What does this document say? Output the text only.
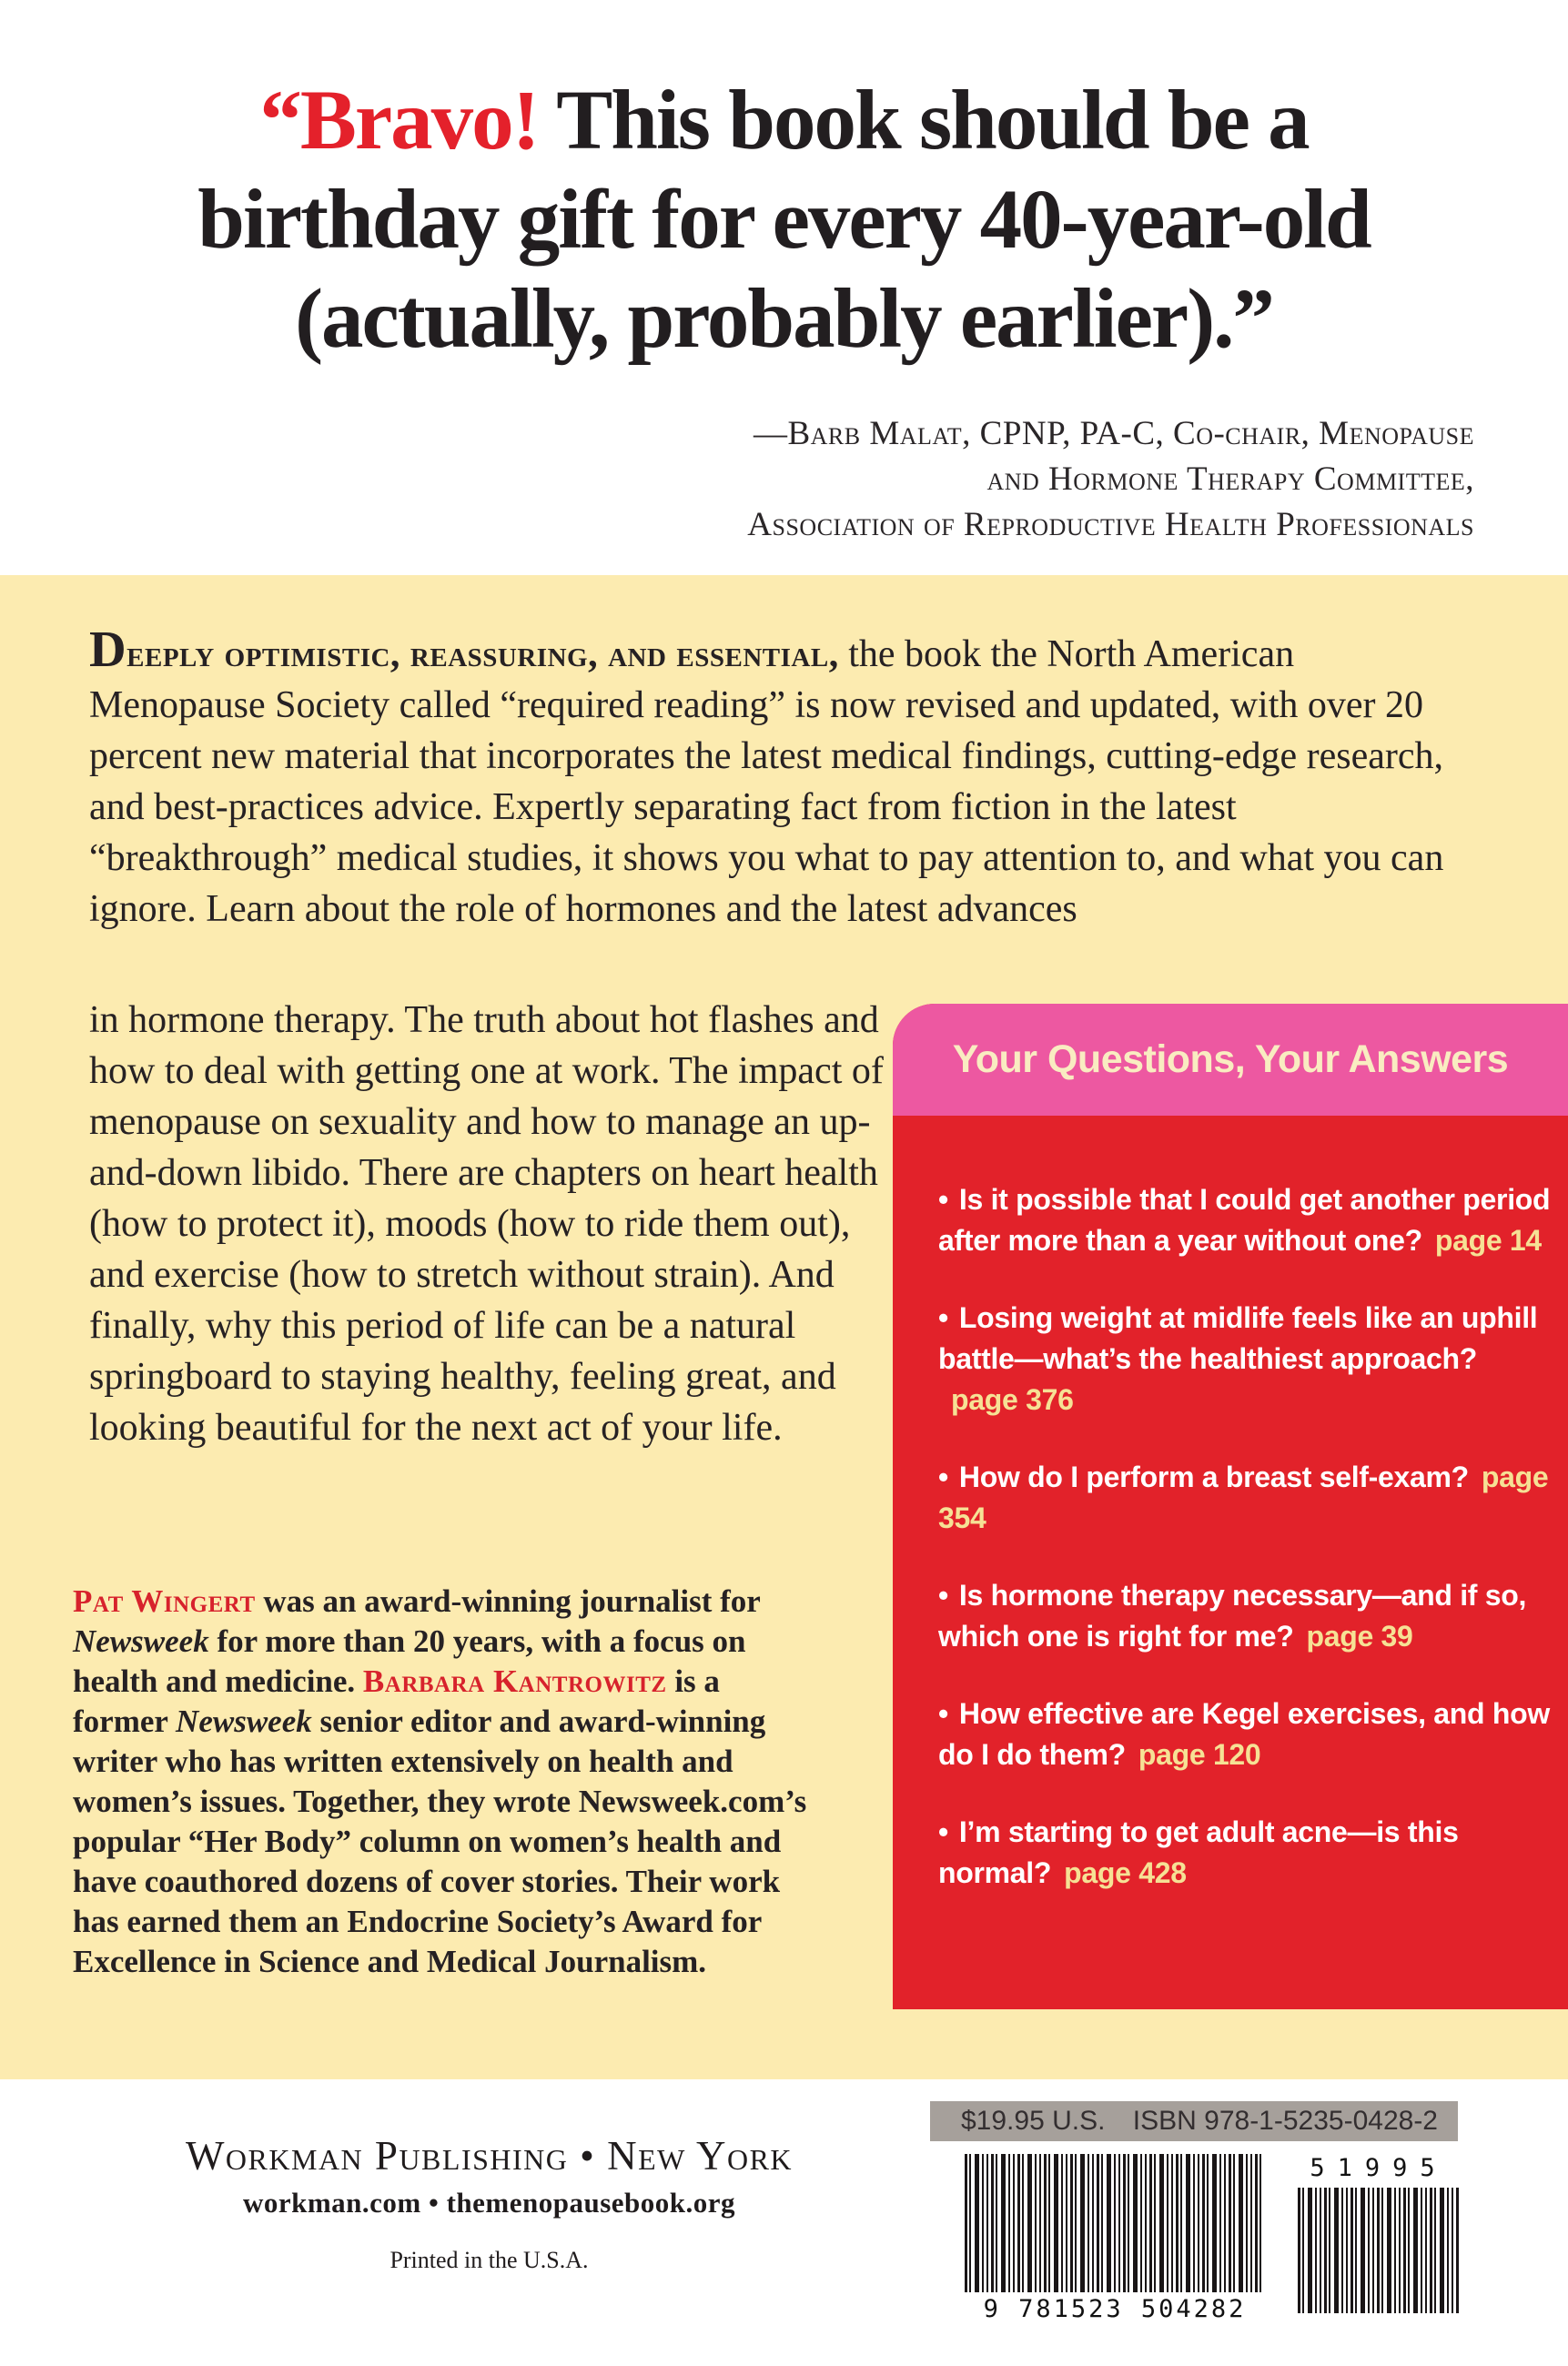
“Bravo! This book should be a
birthday gift for every 40-year-old
(actually, probably earlier).”
—Barb Malat, CPNP, PA-C, Co-chair, Menopause
and Hormone Therapy Committee,
Association of Reproductive Health Professionals

Deeply optimistic, reassuring, and essential, the book the North American Menopause Society called “required reading” is now revised and updated, with over 20 percent new material that incorporates the latest medical findings, cutting-edge research, and best-practices advice. Expertly separating fact from fiction in the latest “breakthrough” medical studies, it shows you what to pay attention to, and what you can ignore. Learn about the role of hormones and the latest advances

in hormone therapy. The truth about hot flashes and how to deal with getting one at work. The impact of menopause on sexuality and how to manage an up-and-down libido. There are chapters on heart health (how to protect it), moods (how to ride them out), and exercise (how to stretch without strain). And finally, why this period of life can be a natural springboard to staying healthy, feeling great, and looking beautiful for the next act of your life.

Pat Wingert was an award-winning journalist for Newsweek for more than 20 years, with a focus on health and medicine. Barbara Kantrowitz is a former Newsweek senior editor and award-winning writer who has written extensively on health and women’s issues. Together, they wrote Newsweek.com’s popular “Her Body” column on women’s health and have coauthored dozens of cover stories. Their work has earned them an Endocrine Society’s Award for Excellence in Science and Medical Journalism.

Your Questions, Your Answers
• Is it possible that I could get another period after more than a year without one? page 14
• Losing weight at midlife feels like an uphill battle—what’s the healthiest approach?page 376
• How do I perform a breast self-exam? page 354
• Is hormone therapy necessary—and if so, which one is right for me? page 39
• How effective are Kegel exercises, and how do I do them? page 120
• I’m starting to get adult acne—is this normal? page 428
Workman Publishing • New York
workman.com • themenopausebook.org
Printed in the U.S.A.
$19.95 U.S. ISBN 978-1-5235-0428-2
9 781523 504282
51995
